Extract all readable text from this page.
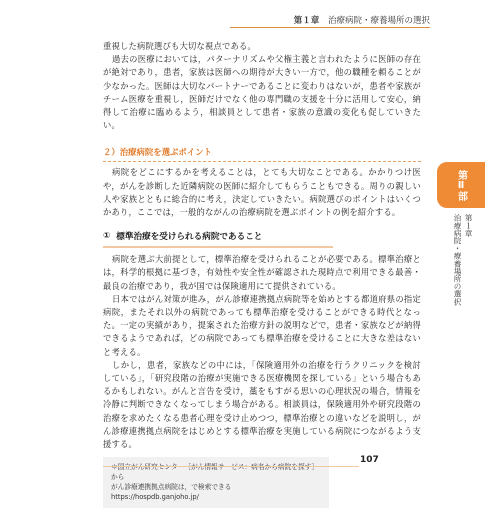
第１章 治療病院・療養場所の選択

重視した病院選びも大切な視点である。

過去の医療においては，パターナリズムや父権主義と言われたように医師の存在が絶対であり，患者，家族は医師への期待が大きい一方で，他の職種を頼ることが少なかった。医師は大切なパートナーであることに変わりはないが，患者や家族がチーム医療を重視し，医師だけでなく他の専門職の支援を十分に活用して安心，納得して治療に臨めるよう，相談員として患者・家族の意識の変化も促していきたい。

２）治療病院を選ぶポイント

病院をどこにするかを考えることは，とても大切なことである。かかりつけ医や，がんを診断した近隣病院の医師に紹介してもらうこともできる。周りの親しい人や家族とともに総合的に考え，決定していきたい。病院選びのポイントはいくつかあり，ここでは，一般的ながんの治療病院を選ぶポイントの例を紹介する。

① 標準治療を受けられる病院であること

病院を選ぶ大前提として，標準治療を受けられることが必要である。標準治療とは，科学的根拠に基づき，有効性や安全性が確認された現時点で利用できる最善・最良の治療であり，我が国では保険適用にて提供されている。

日本ではがん対策が進み，がん診療連携拠点病院等を始めとする都道府県の指定病院，またそれ以外の病院であっても標準治療を受けることができる時代となった。一定の実績があり，提案された治療方針の説明などで，患者・家族などが納得できるようであれば，どの病院であっても標準治療を受けることに大きな差はないと考える。

しかし，患者，家族などの中には，「保険適用外の治療を行うクリニックを検討している」，「研究段階の治療が実施できる医療機関を探している」という場合もあるかもしれない。がんと言告を受け，藁をもすがる思いの心理状況の場合，情報を冷静に判断できなくなってしまう場合がある。相談員は，保険適用外や研究段階の治療を求めたくなる患者心理を受け止めつつ，標準治療との違いなどを説明し，がん診療連携拠点病院をはじめとする標準治療を実施している病院につながるよう支援する。

＊国立がん研究センター［がん情報サービス：病名から病院を探す］から
がん診療連携拠点病院は，で検索できる
https://hospdb.ganjoho.jp/
第Ⅱ部
第１章
治療病院・療養場所の選択
107
